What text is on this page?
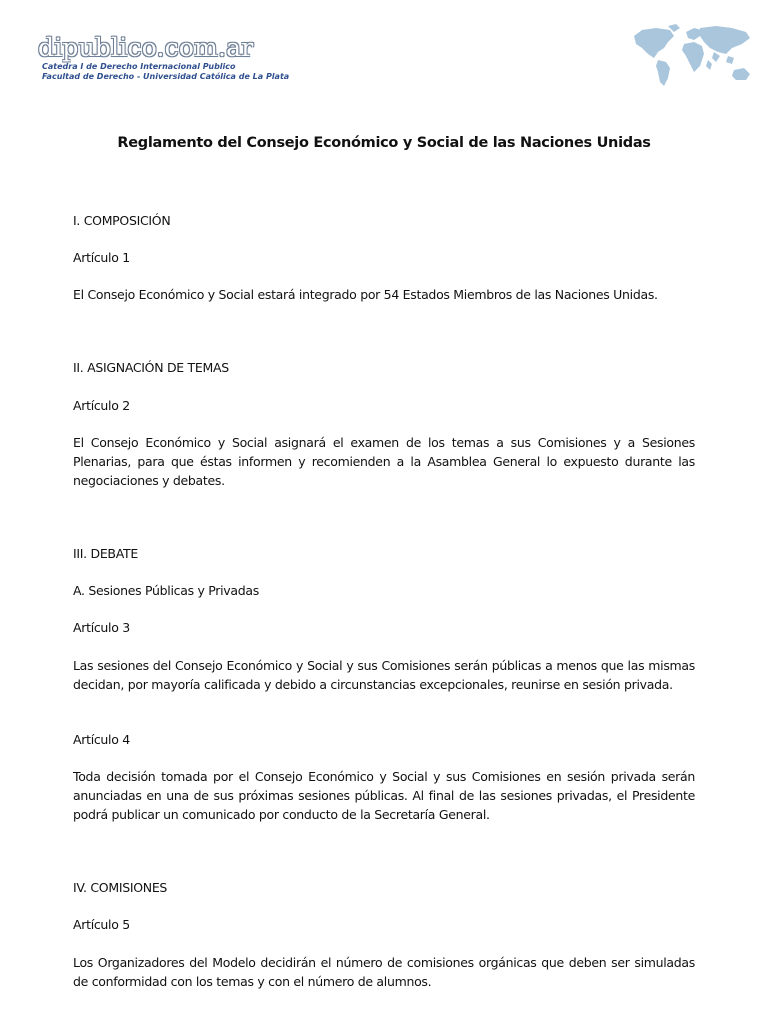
dipublico.com.ar
Catedra I de Derecho Internacional Publico
Facultad de Derecho - Universidad Católica de La Plata
Reglamento del Consejo Económico y Social de las Naciones Unidas
I. COMPOSICIÓN
Artículo 1
El Consejo Económico y Social estará integrado por 54 Estados Miembros de las Naciones Unidas.
II. ASIGNACIÓN DE TEMAS
Artículo 2
El Consejo Económico y Social asignará el examen de los temas a sus Comisiones y a Sesiones Plenarias, para que éstas informen y recomienden a la Asamblea General lo expuesto durante las negociaciones y debates.
III. DEBATE
A. Sesiones Públicas y Privadas
Artículo 3
Las sesiones del Consejo Económico y Social y sus Comisiones serán públicas a menos que las mismas decidan, por mayoría calificada y debido a circunstancias excepcionales, reunirse en sesión privada.
Artículo 4
Toda decisión tomada por el Consejo Económico y Social y sus Comisiones en sesión privada serán anunciadas en una de sus próximas sesiones públicas. Al final de las sesiones privadas, el Presidente podrá publicar un comunicado por conducto de la Secretaría General.
IV. COMISIONES
Artículo 5
Los Organizadores del Modelo decidirán el número de comisiones orgánicas que deben ser simuladas de conformidad con los temas y con el número de alumnos.
